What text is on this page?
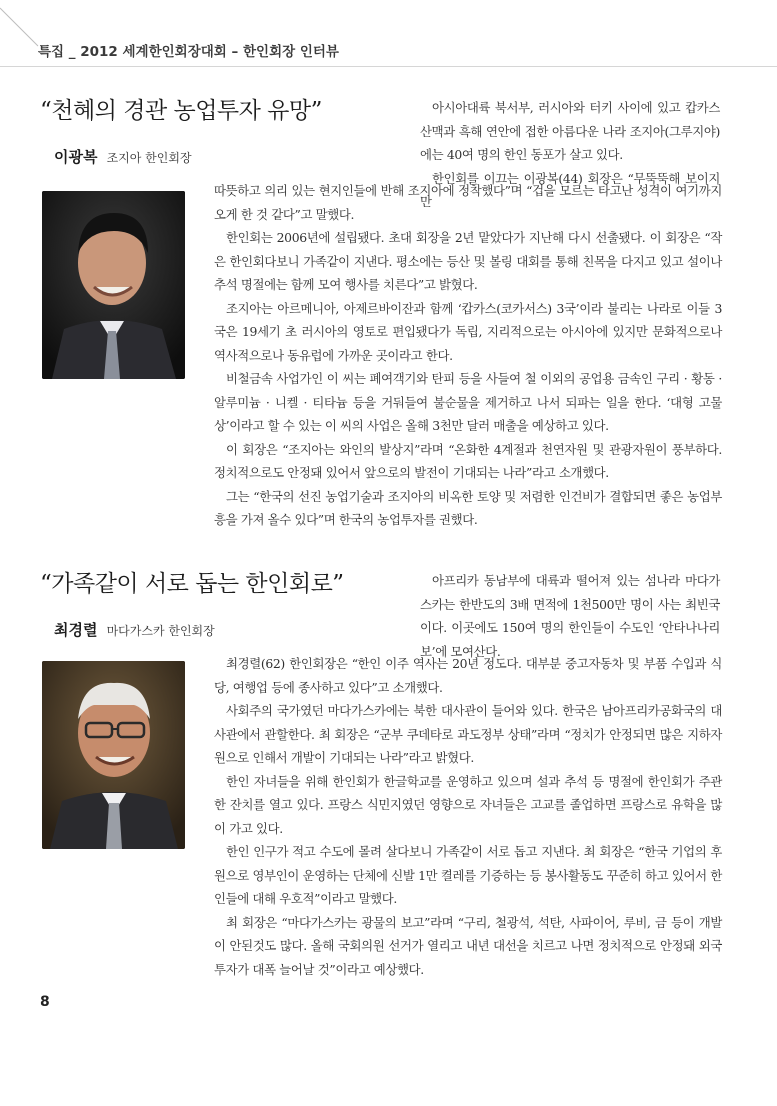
특집 _ 2012 세계한인회장대회 – 한인회장 인터뷰
“천혜의 경관 농업투자 유망”
이광복 조지아 한인회장

아시아대륙 북서부, 러시아와 터키 사이에 있고 캅카스산맥과 흑해 연안에 접한 아름다운 나라 조지아(그루지야)에는 40여 명의 한인 동포가 살고 있다.

한인회를 이끄는 이광복(44) 회장은 “무뚝뚝해 보이지만

따뜻하고 의리 있는 현지인들에 반해 조지아에 정착했다”며 “겁을 모르는 타고난 성격이 여기까지 오게 한 것 같다”고 말했다.

한인회는 2006년에 설립됐다. 초대 회장을 2년 맡았다가 지난해 다시 선출됐다. 이 회장은 “작은 한인회다보니 가족같이 지낸다. 평소에는 등산 및 볼링 대회를 통해 친목을 다지고 있고 설이나 추석 명절에는 함께 모여 행사를 치른다”고 밝혔다.

조지아는 아르메니아, 아제르바이잔과 함께 ‘캅카스(코카서스) 3국’이라 불리는 나라로 이들 3국은 19세기 초 러시아의 영토로 편입됐다가 독립, 지리적으로는 아시아에 있지만 문화적으로나 역사적으로나 동유럽에 가까운 곳이라고 한다.

비철금속 사업가인 이 씨는 폐여객기와 탄피 등을 사들여 철 이외의 공업용 금속인 구리 · 황동 · 알루미늄 · 니켈 · 티타늄 등을 거둬들여 불순물을 제거하고 나서 되파는 일을 한다. ‘대형 고물상’이라고 할 수 있는 이 씨의 사업은 올해 3천만 달러 매출을 예상하고 있다.

이 회장은 “조지아는 와인의 발상지”라며 “온화한 4계절과 천연자원 및 관광자원이 풍부하다. 정치적으로도 안정돼 있어서 앞으로의 발전이 기대되는 나라”라고 소개했다.

그는 “한국의 선진 농업기술과 조지아의 비옥한 토양 및 저렴한 인건비가 결합되면 좋은 농업부흥을 가져 올수 있다”며 한국의 농업투자를 권했다.

“가족같이 서로 돕는 한인회로”
최경렬 마다가스카 한인회장

아프리카 동남부에 대륙과 떨어져 있는 섬나라 마다가스카는 한반도의 3배 면적에 1천500만 명이 사는 최빈국이다. 이곳에도 150여 명의 한인들이 수도인 ‘안타나나리보’에 모여산다.

최경렬(62) 한인회장은 “한인 이주 역사는 20년 정도다. 대부분 중고자동차 및 부품 수입과 식당, 여행업 등에 종사하고 있다”고 소개했다.

사회주의 국가였던 마다가스카에는 북한 대사관이 들어와 있다. 한국은 남아프리카공화국의 대사관에서 관할한다. 최 회장은 “군부 쿠데타로 과도정부 상태”라며 “정치가 안정되면 많은 지하자원으로 인해서 개발이 기대되는 나라”라고 밝혔다.

한인 자녀들을 위해 한인회가 한글학교를 운영하고 있으며 설과 추석 등 명절에 한인회가 주관한 잔치를 열고 있다. 프랑스 식민지였던 영향으로 자녀들은 고교를 졸업하면 프랑스로 유학을 많이 가고 있다.

한인 인구가 적고 수도에 몰려 살다보니 가족같이 서로 돕고 지낸다. 최 회장은 “한국 기업의 후원으로 영부인이 운영하는 단체에 신발 1만 켤레를 기증하는 등 봉사활동도 꾸준히 하고 있어서 한인들에 대해 우호적”이라고 말했다.

최 회장은 “마다가스카는 광물의 보고”라며 “구리, 철광석, 석탄, 사파이어, 루비, 금 등이 개발이 안된것도 많다. 올해 국회의원 선거가 열리고 내년 대선을 치르고 나면 정치적으로 안정돼 외국 투자가 대폭 늘어날 것”이라고 예상했다.

8
